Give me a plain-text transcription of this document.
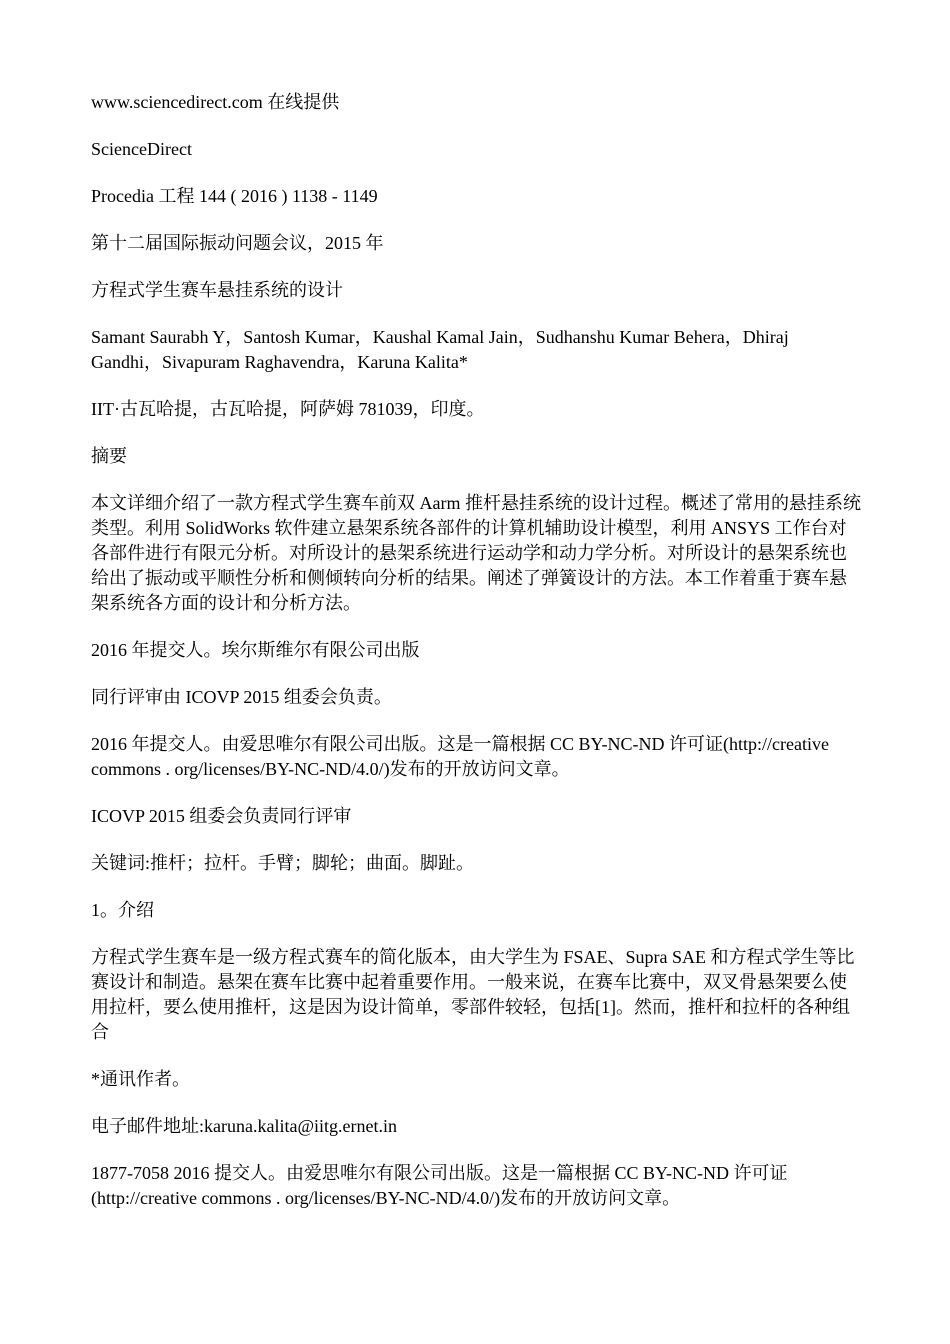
www.sciencedirect.com 在线提供

ScienceDirect

Procedia 工程 144 ( 2016 ) 1138 - 1149

第十二届国际振动问题会议，2015 年

方程式学生赛车悬挂系统的设计

Samant Saurabh Y，Santosh Kumar，Kaushal Kamal Jain，Sudhanshu Kumar Behera，Dhiraj Gandhi，Sivapuram Raghavendra，Karuna Kalita*

IIT·古瓦哈提，古瓦哈提，阿萨姆 781039，印度。

摘要

本文详细介绍了一款方程式学生赛车前双 Aarm 推杆悬挂系统的设计过程。概述了常用的悬挂系统类型。利用 SolidWorks 软件建立悬架系统各部件的计算机辅助设计模型，利用 ANSYS 工作台对各部件进行有限元分析。对所设计的悬架系统进行运动学和动力学分析。对所设计的悬架系统也给出了振动或平顺性分析和侧倾转向分析的结果。阐述了弹簧设计的方法。本工作着重于赛车悬架系统各方面的设计和分析方法。

2016 年提交人。埃尔斯维尔有限公司出版

同行评审由 ICOVP 2015 组委会负责。

2016 年提交人。由爱思唯尔有限公司出版。这是一篇根据 CC BY-NC-ND 许可证(http://creative commons . org/licenses/BY-NC-ND/4.0/)发布的开放访问文章。

ICOVP 2015 组委会负责同行评审

关键词:推杆；拉杆。手臂；脚轮；曲面。脚趾。

1。介绍

方程式学生赛车是一级方程式赛车的简化版本，由大学生为 FSAE、Supra SAE 和方程式学生等比赛设计和制造。悬架在赛车比赛中起着重要作用。一般来说，在赛车比赛中，双叉骨悬架要么使用拉杆，要么使用推杆，这是因为设计简单，零部件较轻，包括[1]。然而，推杆和拉杆的各种组合

*通讯作者。

电子邮件地址:karuna.kalita@iitg.ernet.in

1877-7058 2016 提交人。由爱思唯尔有限公司出版。这是一篇根据 CC BY-NC-ND 许可证(http://creative commons . org/licenses/BY-NC-ND/4.0/)发布的开放访问文章。
